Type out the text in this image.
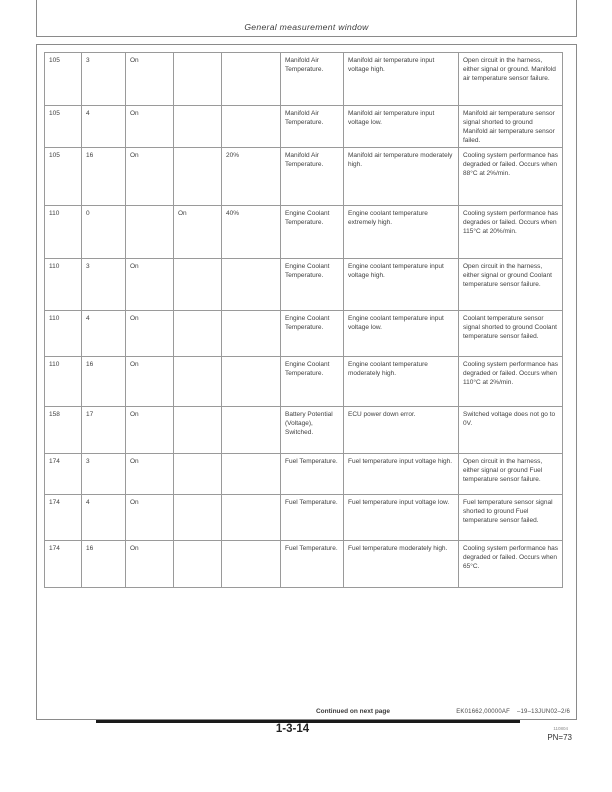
General measurement window
105	3	On			Manifold Air Temperature.	Manifold air temperature input voltage high.	Open circuit in the harness, either signal or ground. Manifold air temperature sensor failure.
105	4	On			Manifold Air Temperature.	Manifold air temperature input voltage low.	Manifold air temperature sensor signal shorted to ground Manifold air temperature sensor failed.
105	16	On		20%	Manifold Air Temperature.	Manifold air temperature moderately high.	Cooling system performance has degraded or failed. Occurs when 88°C at 2%/min.
110	0		On	40%	Engine Coolant Temperature.	Engine coolant temperature extremely high.	Cooling system performance has degrades or failed. Occurs when 115°C at 20%/min.
110	3	On			Engine Coolant Temperature.	Engine coolant temperature input voltage high.	Open circuit in the harness, either signal or ground Coolant temperature sensor failure.
110	4	On			Engine Coolant Temperature.	Engine coolant temperature input voltage low.	Coolant temperature sensor signal shorted to ground Coolant temperature sensor failed.
110	16	On			Engine Coolant Temperature.	Engine coolant temperature moderately high.	Cooling system performance has degraded or failed. Occurs when 110°C at 2%/min.
158	17	On			Battery Potential (Voltage), Switched.	ECU power down error.	Switched voltage does not go to 0V.
174	3	On			Fuel Temperature.	Fuel temperature input voltage high.	Open circuit in the harness, either signal or ground Fuel temperature sensor failure.
174	4	On			Fuel Temperature.	Fuel temperature input voltage low.	Fuel temperature sensor signal shorted to ground Fuel temperature sensor failed.
174	16	On			Fuel Temperature.	Fuel temperature moderately high.	Cooling system performance has degraded or failed. Occurs when 65°C.
Continued on next page	EK01662,00000AF –19–13JUN02–2/6
1-3-14	110804
PN=73
